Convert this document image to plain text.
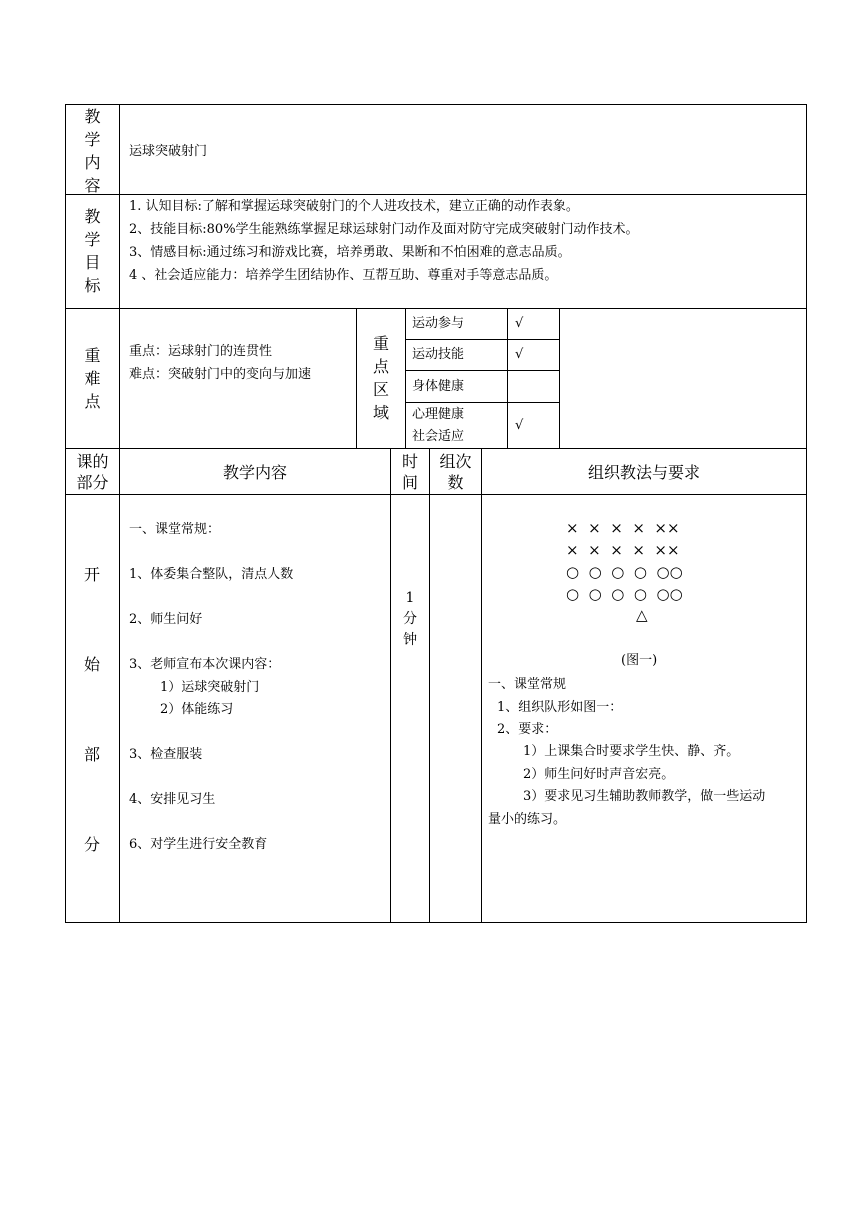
教
学
内
容
运球突破射门
教
学
目
标
1. 认知目标:了解和掌握运球突破射门的个人进攻技术，建立正确的动作表象。
2、技能目标:80%学生能熟练掌握足球运球射门动作及面对防守完成突破射门动作技术。
3、情感目标:通过练习和游戏比赛，培养勇敢、果断和不怕困难的意志品质。
4 、社会适应能力：培养学生团结协作、互帮互助、尊重对手等意志品质。
重
难
点
重点：运球射门的连贯性
难点：突破射门中的变向与加速
重
点
区
域
运动参与	√
运动技能	√
身体健康
心理健康
社会适应
√
课的
部分
教学内容
时
间
组次
数
组织教法与要求
开
始
部
分
一、课堂常规：
1、体委集合整队，清点人数
2、师生问好
3、老师宣布本次课内容：
1）运球突破射门
2）体能练习
3、检查服装
4、安排见习生
6、对学生进行安全教育
1
分
钟
×  ×  ×  ×  ××
×  ×  ×  ×  ××
○  ○  ○  ○  ○○
○  ○  ○  ○  ○○
△
(图一)
一、课堂常规
1、组织队形如图一：
2、要求：
1）上课集合时要求学生快、静、齐。
2）师生问好时声音宏亮。
3）要求见习生辅助教师教学，做一些运动
量小的练习。
